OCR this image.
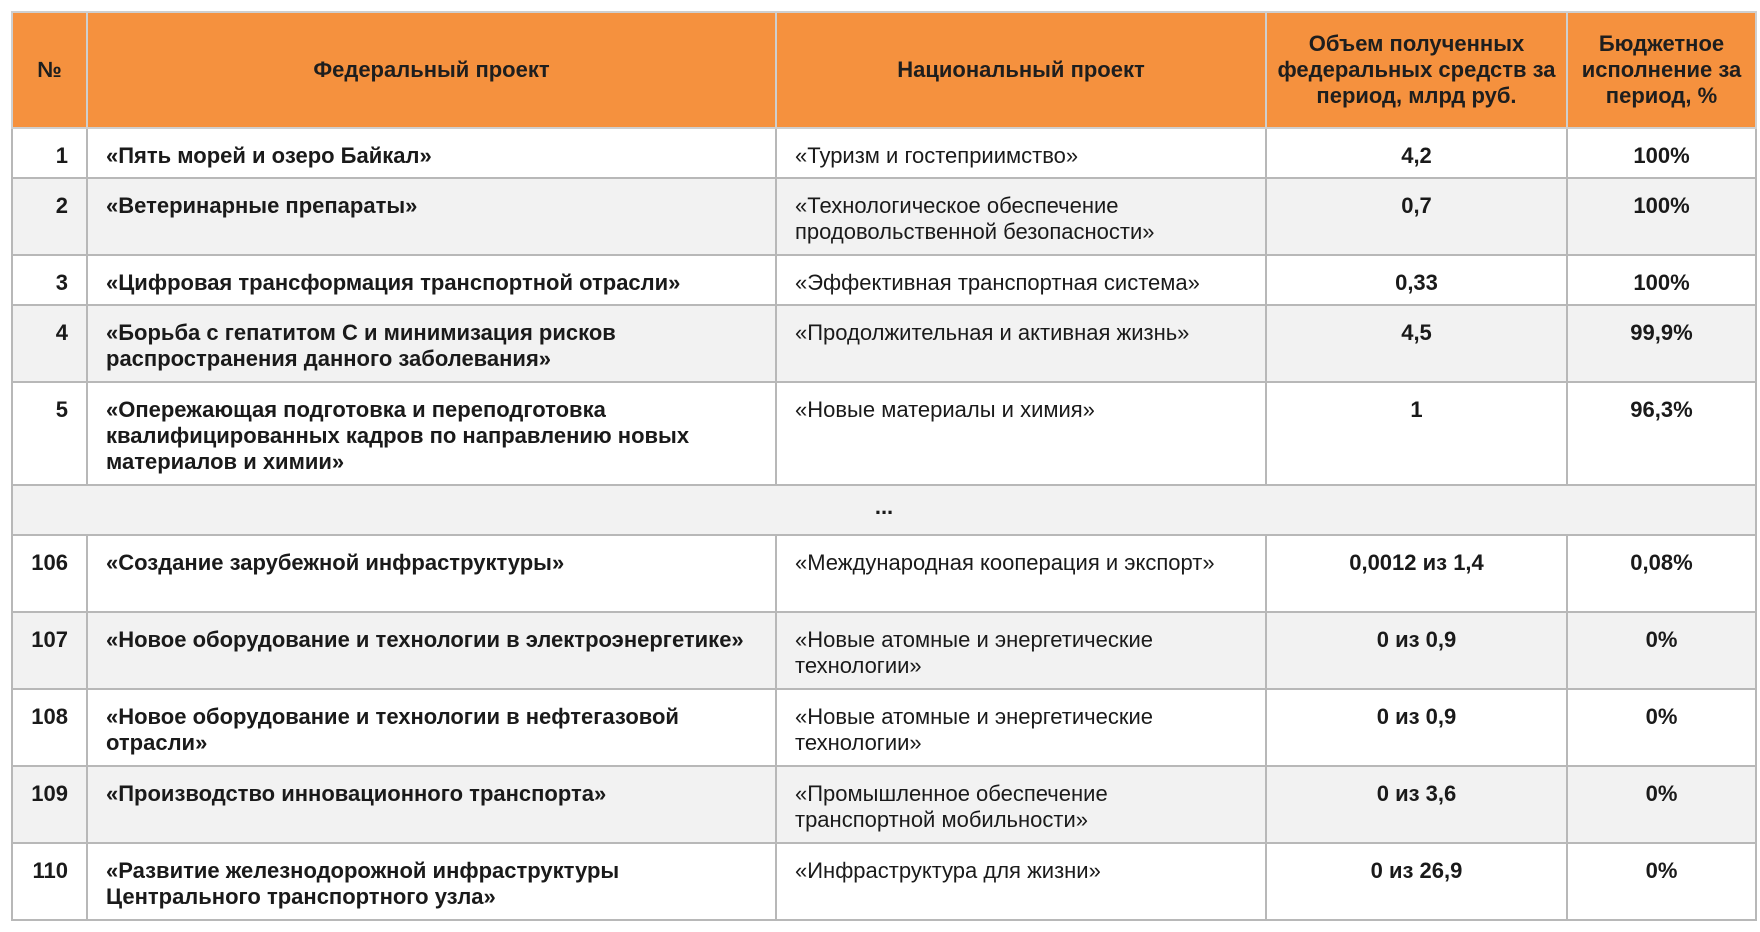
№	Федеральный проект	Национальный проект	Объем полученных федеральных средств за период, млрд руб.	Бюджетное исполнение за период, %
1	«Пять морей и озеро Байкал»	«Туризм и гостеприимство»	4,2	100%
2	«Ветеринарные препараты»	«Технологическое обеспечение продовольственной безопасности»	0,7	100%
3	«Цифровая трансформация транспортной отрасли»	«Эффективная транспортная система»	0,33	100%
4	«Борьба с гепатитом С и минимизация рисков распространения данного заболевания»	«Продолжительная и активная жизнь»	4,5	99,9%
5	«Опережающая подготовка и переподготовка квалифицированных кадров по направлению новых материалов и химии»	«Новые материалы и химия»	1	96,3%
...				
106	«Создание зарубежной инфраструктуры»	«Международная кооперация и экспорт»	0,0012 из 1,4	0,08%
107	«Новое оборудование и технологии в электроэнергетике»	«Новые атомные и энергетические технологии»	0 из 0,9	0%
108	«Новое оборудование и технологии в нефтегазовой отрасли»	«Новые атомные и энергетические технологии»	0 из 0,9	0%
109	«Производство инновационного транспорта»	«Промышленное обеспечение транспортной мобильности»	0 из 3,6	0%
110	«Развитие железнодорожной инфраструктуры Центрального транспортного узла»	«Инфраструктура для жизни»	0 из 26,9	0%
